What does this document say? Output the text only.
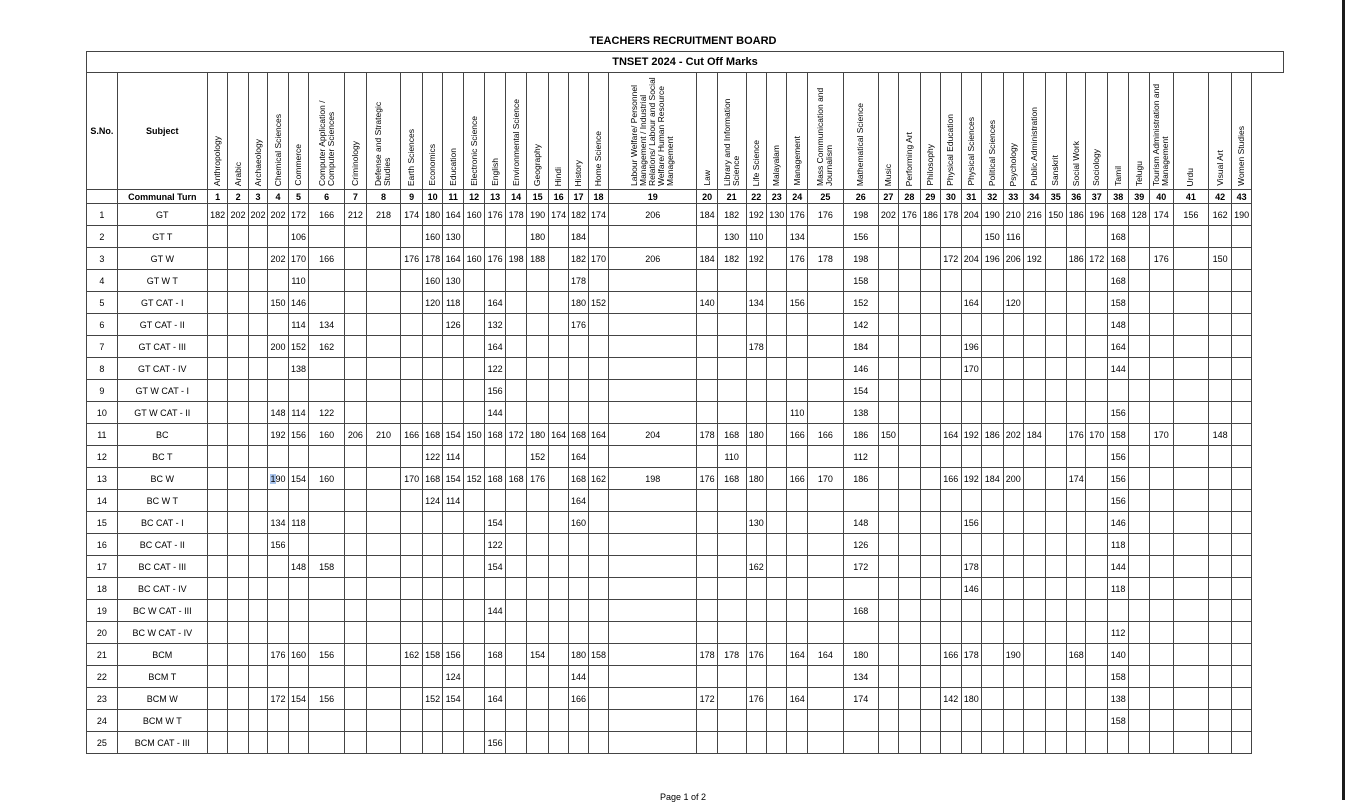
TEACHERS RECRUITMENT BOARD
TNSET 2024 - Cut Off Marks																																												
S.No.	Subject	Anthropology	Arabic	Archaeology	Chemical Sciences	Commerce	Computer Application / Computer Sciences	Criminology	Defense and Strategic Studies	Earth Sciences	Economics	Education	Electronic Science	English	Environmental Science	Geography	Hindi	History	Home Science	Labour Welfare/ Personnel Management / Industrial Relations/ Labour and Social Welfare/ Human Resource Management	Law	Library and Information Science	Life Science	Malayalam	Management	Mass Communication and Journalism	Mathematical Science	Music	Performing Art	Philosophy	Physical Education	Physical Sciences	Political Sciences	Psychology	Public Administration	Sanskrit	Social Work	Sociology	Tamil	Telugu	Tourism Administration and Management	Urdu	Visual Art	Women Studies
	Communal Turn	1	2	3	4	5	6	7	8	9	10	11	12	13	14	15	16	17	18	19	20	21	22	23	24	25	26	27	28	29	30	31	32	33	34	35	36	37	38	39	40	41	42	43
1	GT	182	202	202	202	172	166	212	218	174	180	164	160	176	178	190	174	182	174	206	184	182	192	130	176	176	198	202	176	186	178	204	190	210	216	150	186	196	168	128	174	156	162	190
2	GT T					106					160	130				180		184				130	110		134		156						150	116					168					
3	GT W				202	170	166			176	178	164	160	176	198	188		182	170	206	184	182	192		176	178	198				172	204	196	206	192		186	172	168		176		150	
4	GT W T					110					160	130						178									158												168					
5	GT CAT - I				150	146					120	118		164				180	152		140		134		156		152					164		120					158					
6	GT CAT - II					114	134					126		132				176									142												148					
7	GT CAT - III				200	152	162							164									178				184					196							164					
8	GT CAT - IV					138								122													146					170							144					
9	GT W CAT - I													156													154																	
10	GT W CAT - II				148	114	122							144											110		138												156					
11	BC				192	156	160	206	210	166	168	154	150	168	172	180	164	168	164	204	178	168	180		166	166	186	150			164	192	186	202	184		176	170	158		170		148	
12	BC T										122	114				152		164				110					112												156					
13	BC W				190	154	160			170	168	154	152	168	168	176		168	162	198	176	168	180		166	170	186				166	192	184	200			174		156					
14	BC W T										124	114						164																					156					
15	BC CAT - I				134	118								154				160					130				148					156							146					
16	BC CAT - II				156									122													126												118					
17	BC CAT - III					148	158							154									162				172					178							144					
18	BC CAT - IV																															146							118					
19	BC W CAT - III													144													168																	
20	BC W CAT - IV																																						112					
21	BCM				176	160	156			162	158	156		168		154		180	158		178	178	176		164	164	180				166	178		190			168		140					
22	BCM T											124						144									134												158					
23	BCM W				172	154	156				152	154		164				166			172		176		164		174				142	180							138					
24	BCM W T																																						158					
25	BCM CAT - III													156																														
Page 1 of 2
